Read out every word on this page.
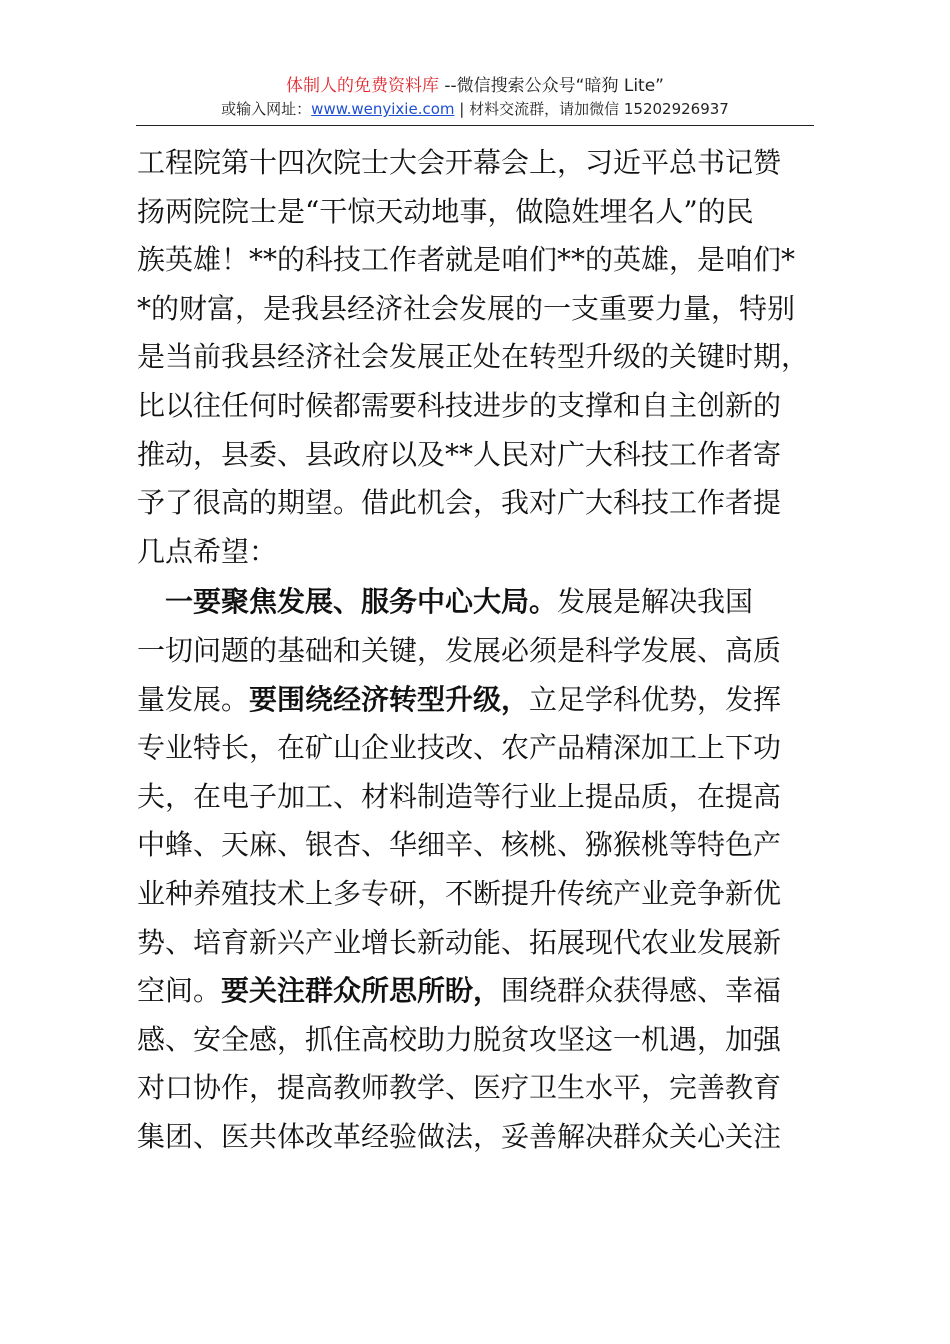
体制人的免费资料库 --微信搜索公众号“暗狗 Lite”
或输入网址：www.wenyixie.com | 材料交流群，请加微信 15202926937
工程院第十四次院士大会开幕会上，习近平总书记赞
扬两院院士是“干惊天动地事，做隐姓埋名人”的民
族英雄！**的科技工作者就是咱们**的英雄，是咱们*
*的财富，是我县经济社会发展的一支重要力量，特别
是当前我县经济社会发展正处在转型升级的关键时期，
比以往任何时候都需要科技进步的支撑和自主创新的
推动，县委、县政府以及**人民对广大科技工作者寄
予了很高的期望。借此机会，我对广大科技工作者提
几点希望：
　一要聚焦发展、服务中心大局。发展是解决我国
一切问题的基础和关键，发展必须是科学发展、高质
量发展。要围绕经济转型升级，立足学科优势，发挥
专业特长，在矿山企业技改、农产品精深加工上下功
夫，在电子加工、材料制造等行业上提品质，在提高
中蜂、天麻、银杏、华细辛、核桃、猕猴桃等特色产
业种养殖技术上多专研，不断提升传统产业竞争新优
势、培育新兴产业增长新动能、拓展现代农业发展新
空间。要关注群众所思所盼，围绕群众获得感、幸福
感、安全感，抓住高校助力脱贫攻坚这一机遇，加强
对口协作，提高教师教学、医疗卫生水平，完善教育
集团、医共体改革经验做法，妥善解决群众关心关注
